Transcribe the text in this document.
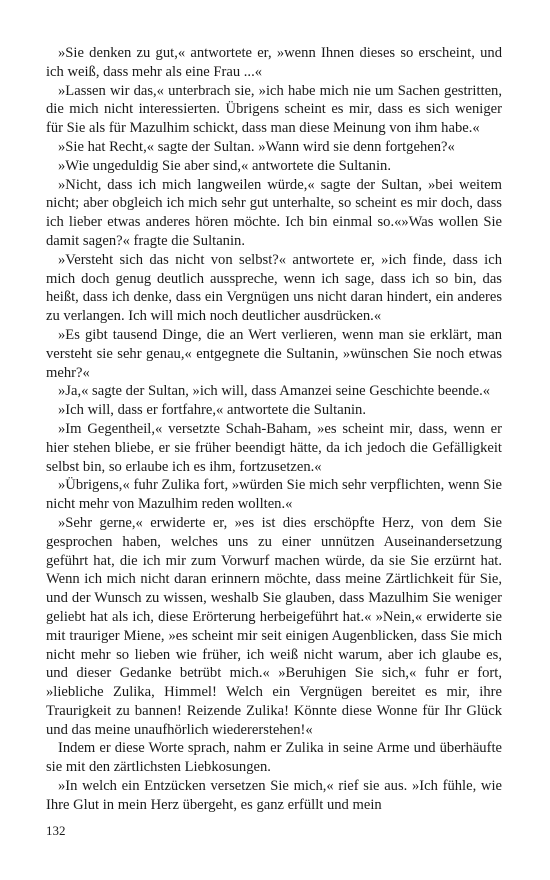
»Sie denken zu gut,« antwortete er, »wenn Ihnen dieses so erscheint, und ich weiß, dass mehr als eine Frau ...«

»Lassen wir das,« unterbrach sie, »ich habe mich nie um Sachen gestritten, die mich nicht interessierten. Übrigens scheint es mir, dass es sich weniger für Sie als für Mazulhim schickt, dass man diese Meinung von ihm habe.«

»Sie hat Recht,« sagte der Sultan. »Wann wird sie denn fortgehen?«

»Wie ungeduldig Sie aber sind,« antwortete die Sultanin.

»Nicht, dass ich mich langweilen würde,« sagte der Sultan, »bei weitem nicht; aber obgleich ich mich sehr gut unterhalte, so scheint es mir doch, dass ich lieber etwas anderes hören möchte. Ich bin einmal so.«»Was wollen Sie damit sagen?« fragte die Sultanin.

»Versteht sich das nicht von selbst?« antwortete er, »ich finde, dass ich mich doch genug deutlich ausspreche, wenn ich sage, dass ich so bin, das heißt, dass ich denke, dass ein Vergnügen uns nicht daran hindert, ein anderes zu verlangen. Ich will mich noch deutlicher ausdrücken.«

»Es gibt tausend Dinge, die an Wert verlieren, wenn man sie erklärt, man versteht sie sehr genau,« entgegnete die Sultanin, »wünschen Sie noch etwas mehr?«

»Ja,« sagte der Sultan, »ich will, dass Amanzei seine Geschichte beende.«

»Ich will, dass er fortfahre,« antwortete die Sultanin.

»Im Gegentheil,« versetzte Schah-Baham, »es scheint mir, dass, wenn er hier stehen bliebe, er sie früher beendigt hätte, da ich jedoch die Gefälligkeit selbst bin, so erlaube ich es ihm, fortzusetzen.«

»Übrigens,« fuhr Zulika fort, »würden Sie mich sehr verpflichten, wenn Sie nicht mehr von Mazulhim reden wollten.«

»Sehr gerne,« erwiderte er, »es ist dies erschöpfte Herz, von dem Sie gesprochen haben, welches uns zu einer unnützen Auseinandersetzung geführt hat, die ich mir zum Vorwurf machen würde, da sie Sie erzürnt hat. Wenn ich mich nicht daran erinnern möchte, dass meine Zärtlichkeit für Sie, und der Wunsch zu wissen, weshalb Sie glauben, dass Mazulhim Sie weniger geliebt hat als ich, diese Erörterung herbeigeführt hat.« »Nein,« erwiderte sie mit trauriger Miene, »es scheint mir seit einigen Augenblicken, dass Sie mich nicht mehr so lieben wie früher, ich weiß nicht warum, aber ich glaube es, und dieser Gedanke betrübt mich.« »Beruhigen Sie sich,« fuhr er fort, »liebliche Zulika, Himmel! Welch ein Vergnügen bereitet es mir, ihre Traurigkeit zu bannen! Reizende Zulika! Könnte diese Wonne für Ihr Glück und das meine unaufhörlich wiedererstehen!«

Indem er diese Worte sprach, nahm er Zulika in seine Arme und überhäufte sie mit den zärtlichsten Liebkosungen.

»In welch ein Entzücken versetzen Sie mich,« rief sie aus. »Ich fühle, wie Ihre Glut in mein Herz übergeht, es ganz erfüllt und mein

132
